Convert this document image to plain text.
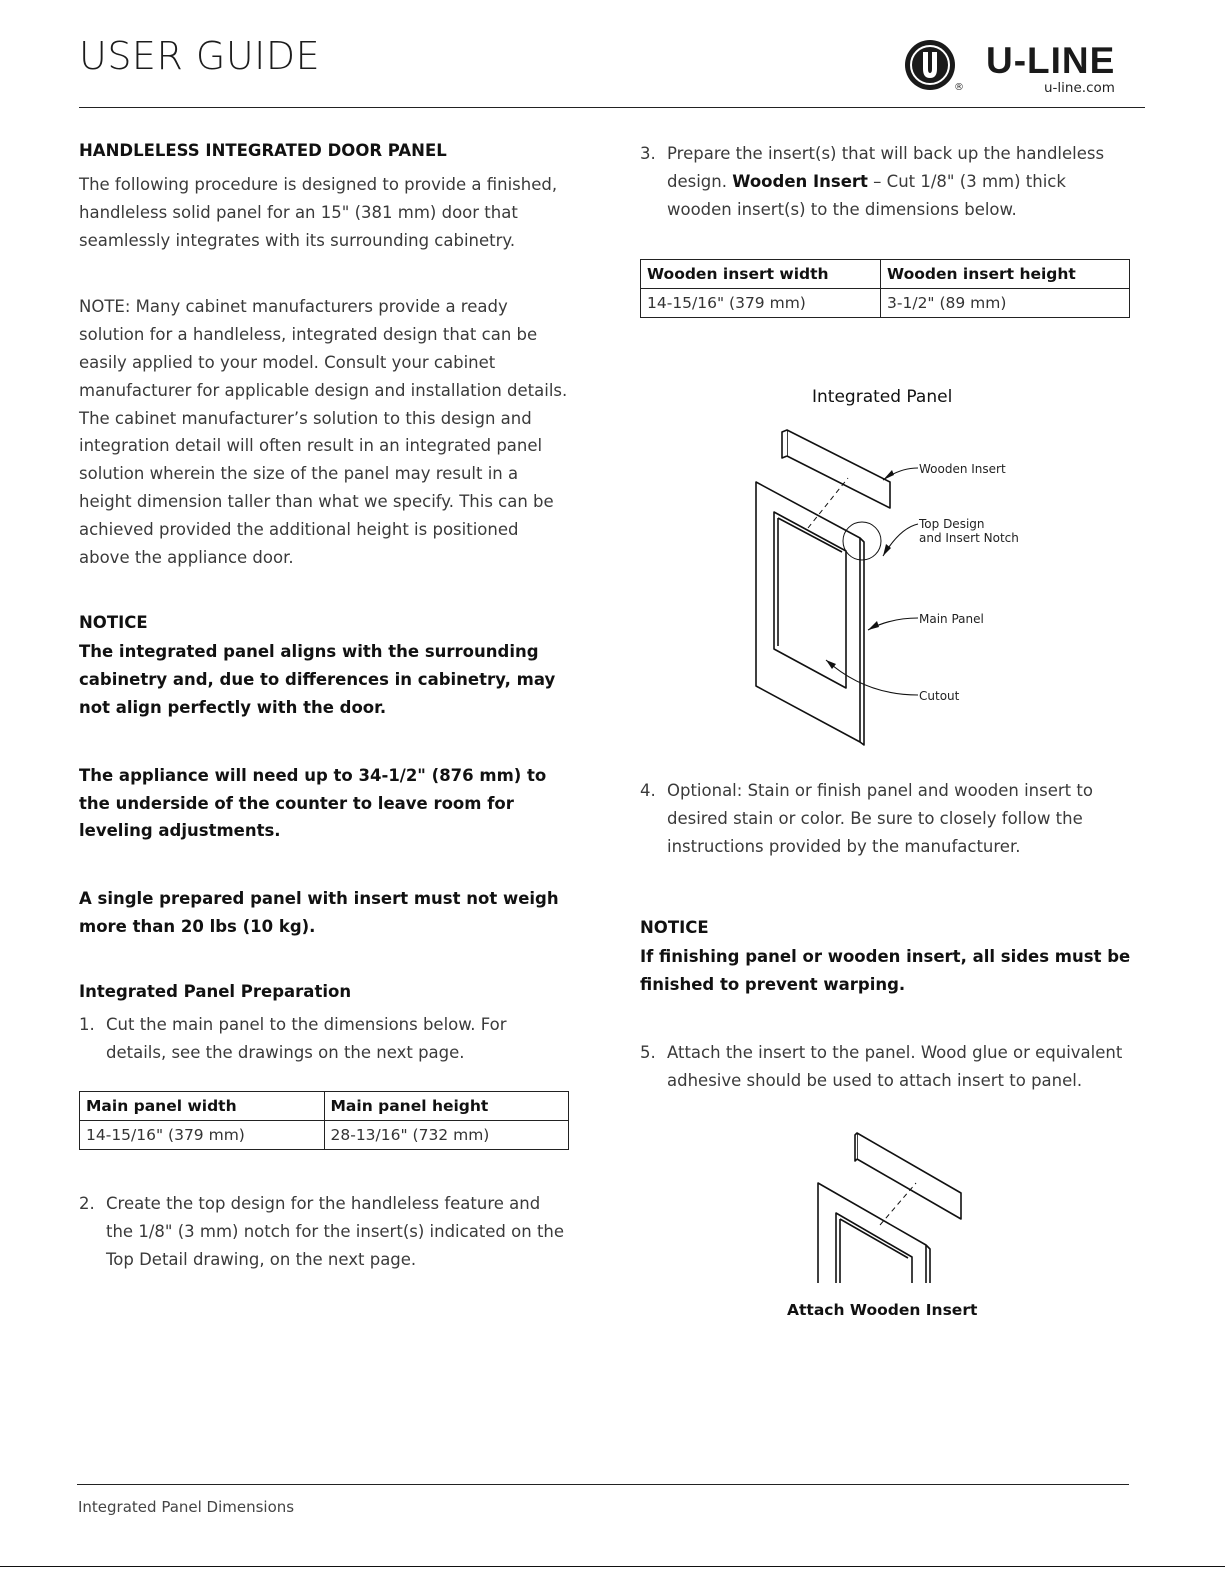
USER GUIDE
®
U-LINE
u-line.com
HANDLELESS INTEGRATED DOOR PANEL

The following procedure is designed to provide a finished, handleless solid panel for an 15" (381 mm) door that seamlessly integrates with its surrounding cabinetry.

NOTE: Many cabinet manufacturers provide a ready solution for a handleless, integrated design that can be easily applied to your model. Consult your cabinet manufacturer for applicable design and installation details. The cabinet manufacturer’s solution to this design and integration detail will often result in an integrated panel solution wherein the size of the panel may result in a height dimension taller than what we specify. This can be achieved provided the additional height is positioned above the appliance door.

NOTICE
The integrated panel aligns with the surrounding cabinetry and, due to differences in cabinetry, may not align perfectly with the door.
The appliance will need up to 34-1/2" (876 mm) to the underside of the counter to leave room for leveling adjustments.
A single prepared panel with insert must not weigh more than 20 lbs (10 kg).
Integrated Panel Preparation
1. Cut the main panel to the dimensions below. For details, see the drawings on the next page.
Main panel width	Main panel height
14-15/16" (379 mm)	28-13/16" (732 mm)
2. Create the top design for the handleless feature and the 1/8" (3 mm) notch for the insert(s) indicated on the Top Detail drawing, on the next page.
3. Prepare the insert(s) that will back up the handleless design. Wooden Insert – Cut 1/8" (3 mm) thick wooden insert(s) to the dimensions below.
Wooden insert width	Wooden insert height
14-15/16" (379 mm)	3-1/2" (89 mm)
Integrated Panel
Wooden Insert
Top Design
and Insert Notch
Main Panel
Cutout
4. Optional: Stain or finish panel and wooden insert to desired stain or color. Be sure to closely follow the instructions provided by the manufacturer.
NOTICE
If finishing panel or wooden insert, all sides must be finished to prevent warping.
5. Attach the insert to the panel. Wood glue or equivalent adhesive should be used to attach insert to panel.
Attach Wooden Insert
Integrated Panel Dimensions
